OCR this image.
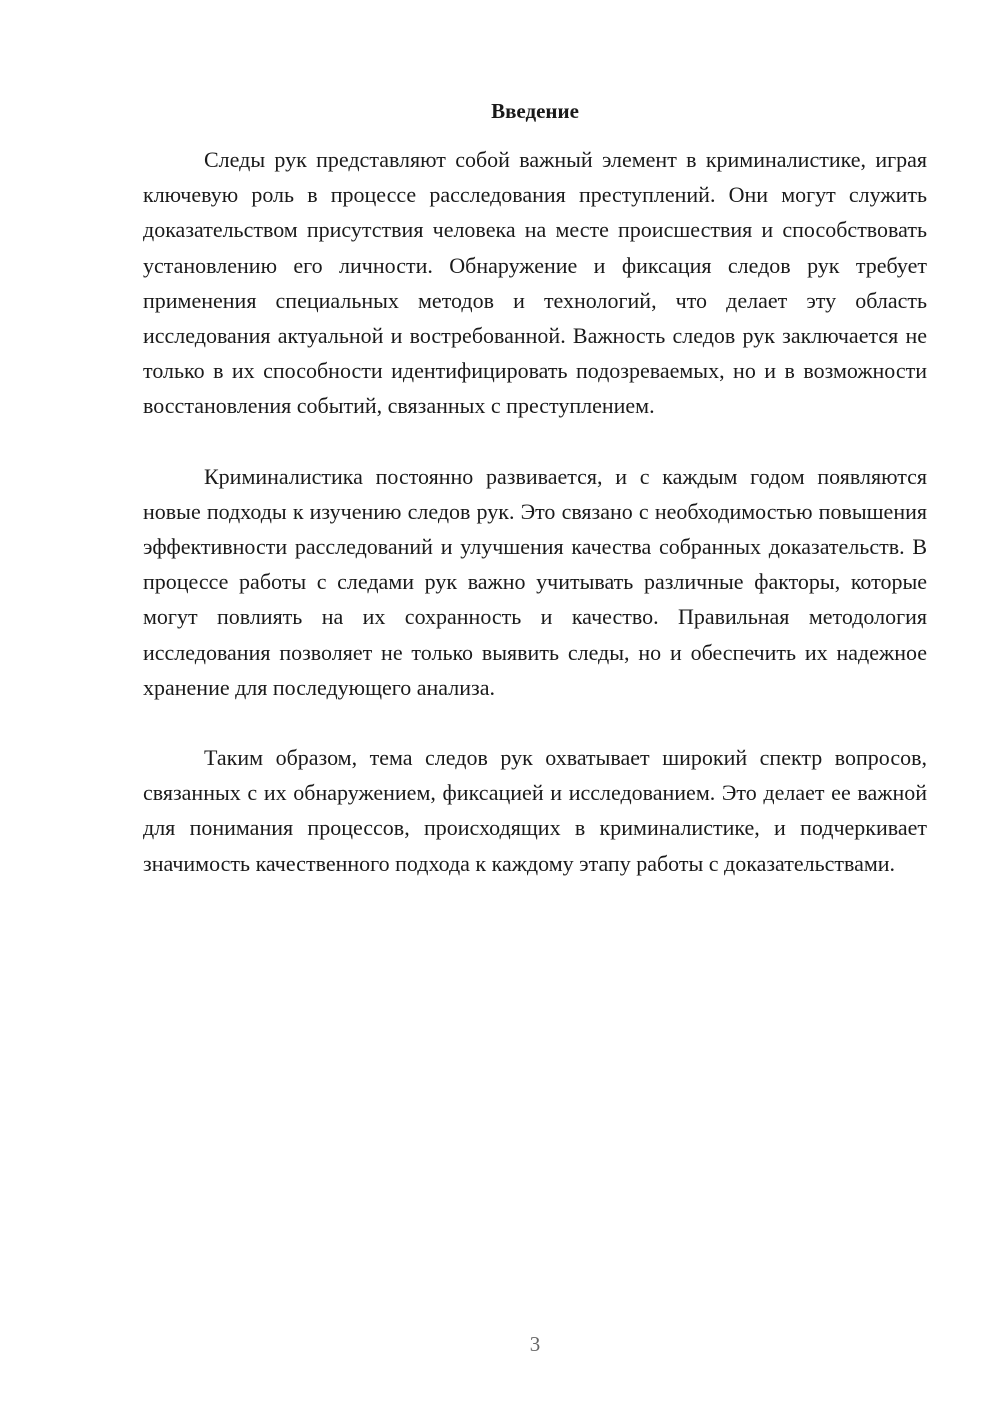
Введение

Следы рук представляют собой важный элемент в криминалистике, играя ключевую роль в процессе расследования преступлений. Они могут служить доказательством присутствия человека на месте происшествия и способствовать установлению его личности. Обнаружение и фиксация следов рук требует применения специальных методов и технологий, что делает эту область исследования актуальной и востребованной. Важность следов рук заключается не только в их способности идентифицировать подозреваемых, но и в возможности восстановления событий, связанных с преступлением.

Криминалистика постоянно развивается, и с каждым годом появляются новые подходы к изучению следов рук. Это связано с необходимостью повышения эффективности расследований и улучшения качества собранных доказательств. В процессе работы с следами рук важно учитывать различные факторы, которые могут повлиять на их сохранность и качество. Правильная методология исследования позволяет не только выявить следы, но и обеспечить их надежное хранение для последующего анализа.

Таким образом, тема следов рук охватывает широкий спектр вопросов, связанных с их обнаружением, фиксацией и исследованием. Это делает ее важной для понимания процессов, происходящих в криминалистике, и подчеркивает значимость качественного подхода к каждому этапу работы с доказательствами.

3
